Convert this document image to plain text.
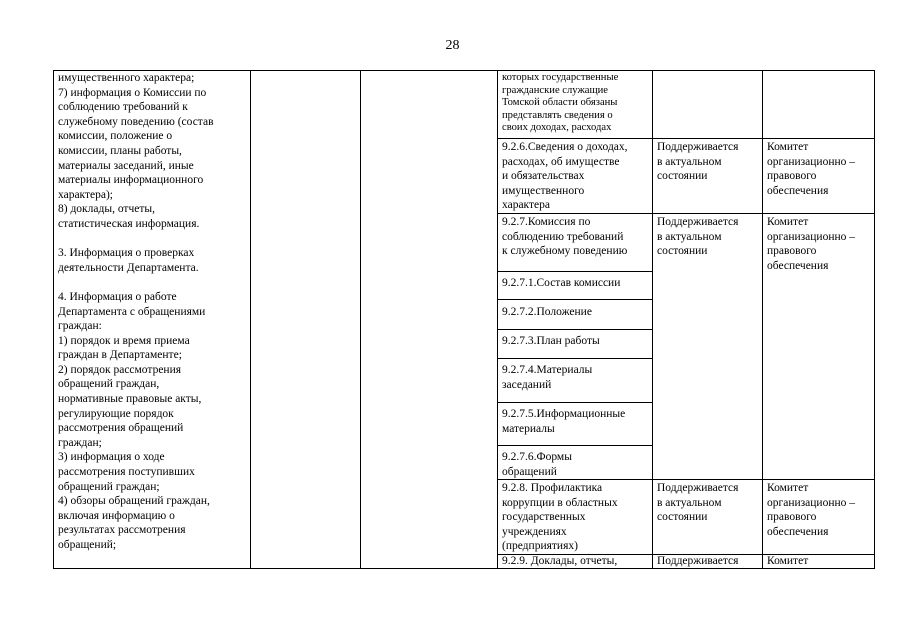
28

имущественного характера;

7) информация о Комиссии по

соблюдению требований к

служебному поведению (состав

комиссии, положение о

комиссии, планы работы,

материалы заседаний, иные

материалы информационного

характера);

8) доклады, отчеты,

статистическая информация.

3. Информация о проверках

деятельности Департамента.

4. Информация о работе

Департамента с обращениями

граждан:

1) порядок и время приема

граждан в Департаменте;

2) порядок рассмотрения

обращений граждан,

нормативные правовые акты,

регулирующие порядок

рассмотрения обращений

граждан;

3) информация о ходе

рассмотрения поступивших

обращений граждан;

4) обзоры обращений граждан,

включая информацию о

результатах рассмотрения

обращений;

которых государственные
гражданские служащие
Томской области обязаны
представлять сведения о
своих доходах, расходах
9.2.6.Сведения о доходах,
расходах, об имуществе
и обязательствах
имущественного
характера
Поддерживается
в актуальном
состоянии
Комитет
организационно –
правового
обеспечения
9.2.7.Комиссия по
соблюдению требований
к служебному поведению
Поддерживается
в актуальном
состоянии
Комитет
организационно –
правового
обеспечения
9.2.7.1.Состав комиссии
9.2.7.2.Положение
9.2.7.3.План работы
9.2.7.4.Материалы
заседаний
9.2.7.5.Информационные
материалы
9.2.7.6.Формы
обращений
9.2.8. Профилактика
коррупции в областных
государственных
учреждениях
(предприятиях)
Поддерживается
в актуальном
состоянии
Комитет
организационно –
правового
обеспечения
9.2.9. Доклады, отчеты,	Поддерживается	Комитет
